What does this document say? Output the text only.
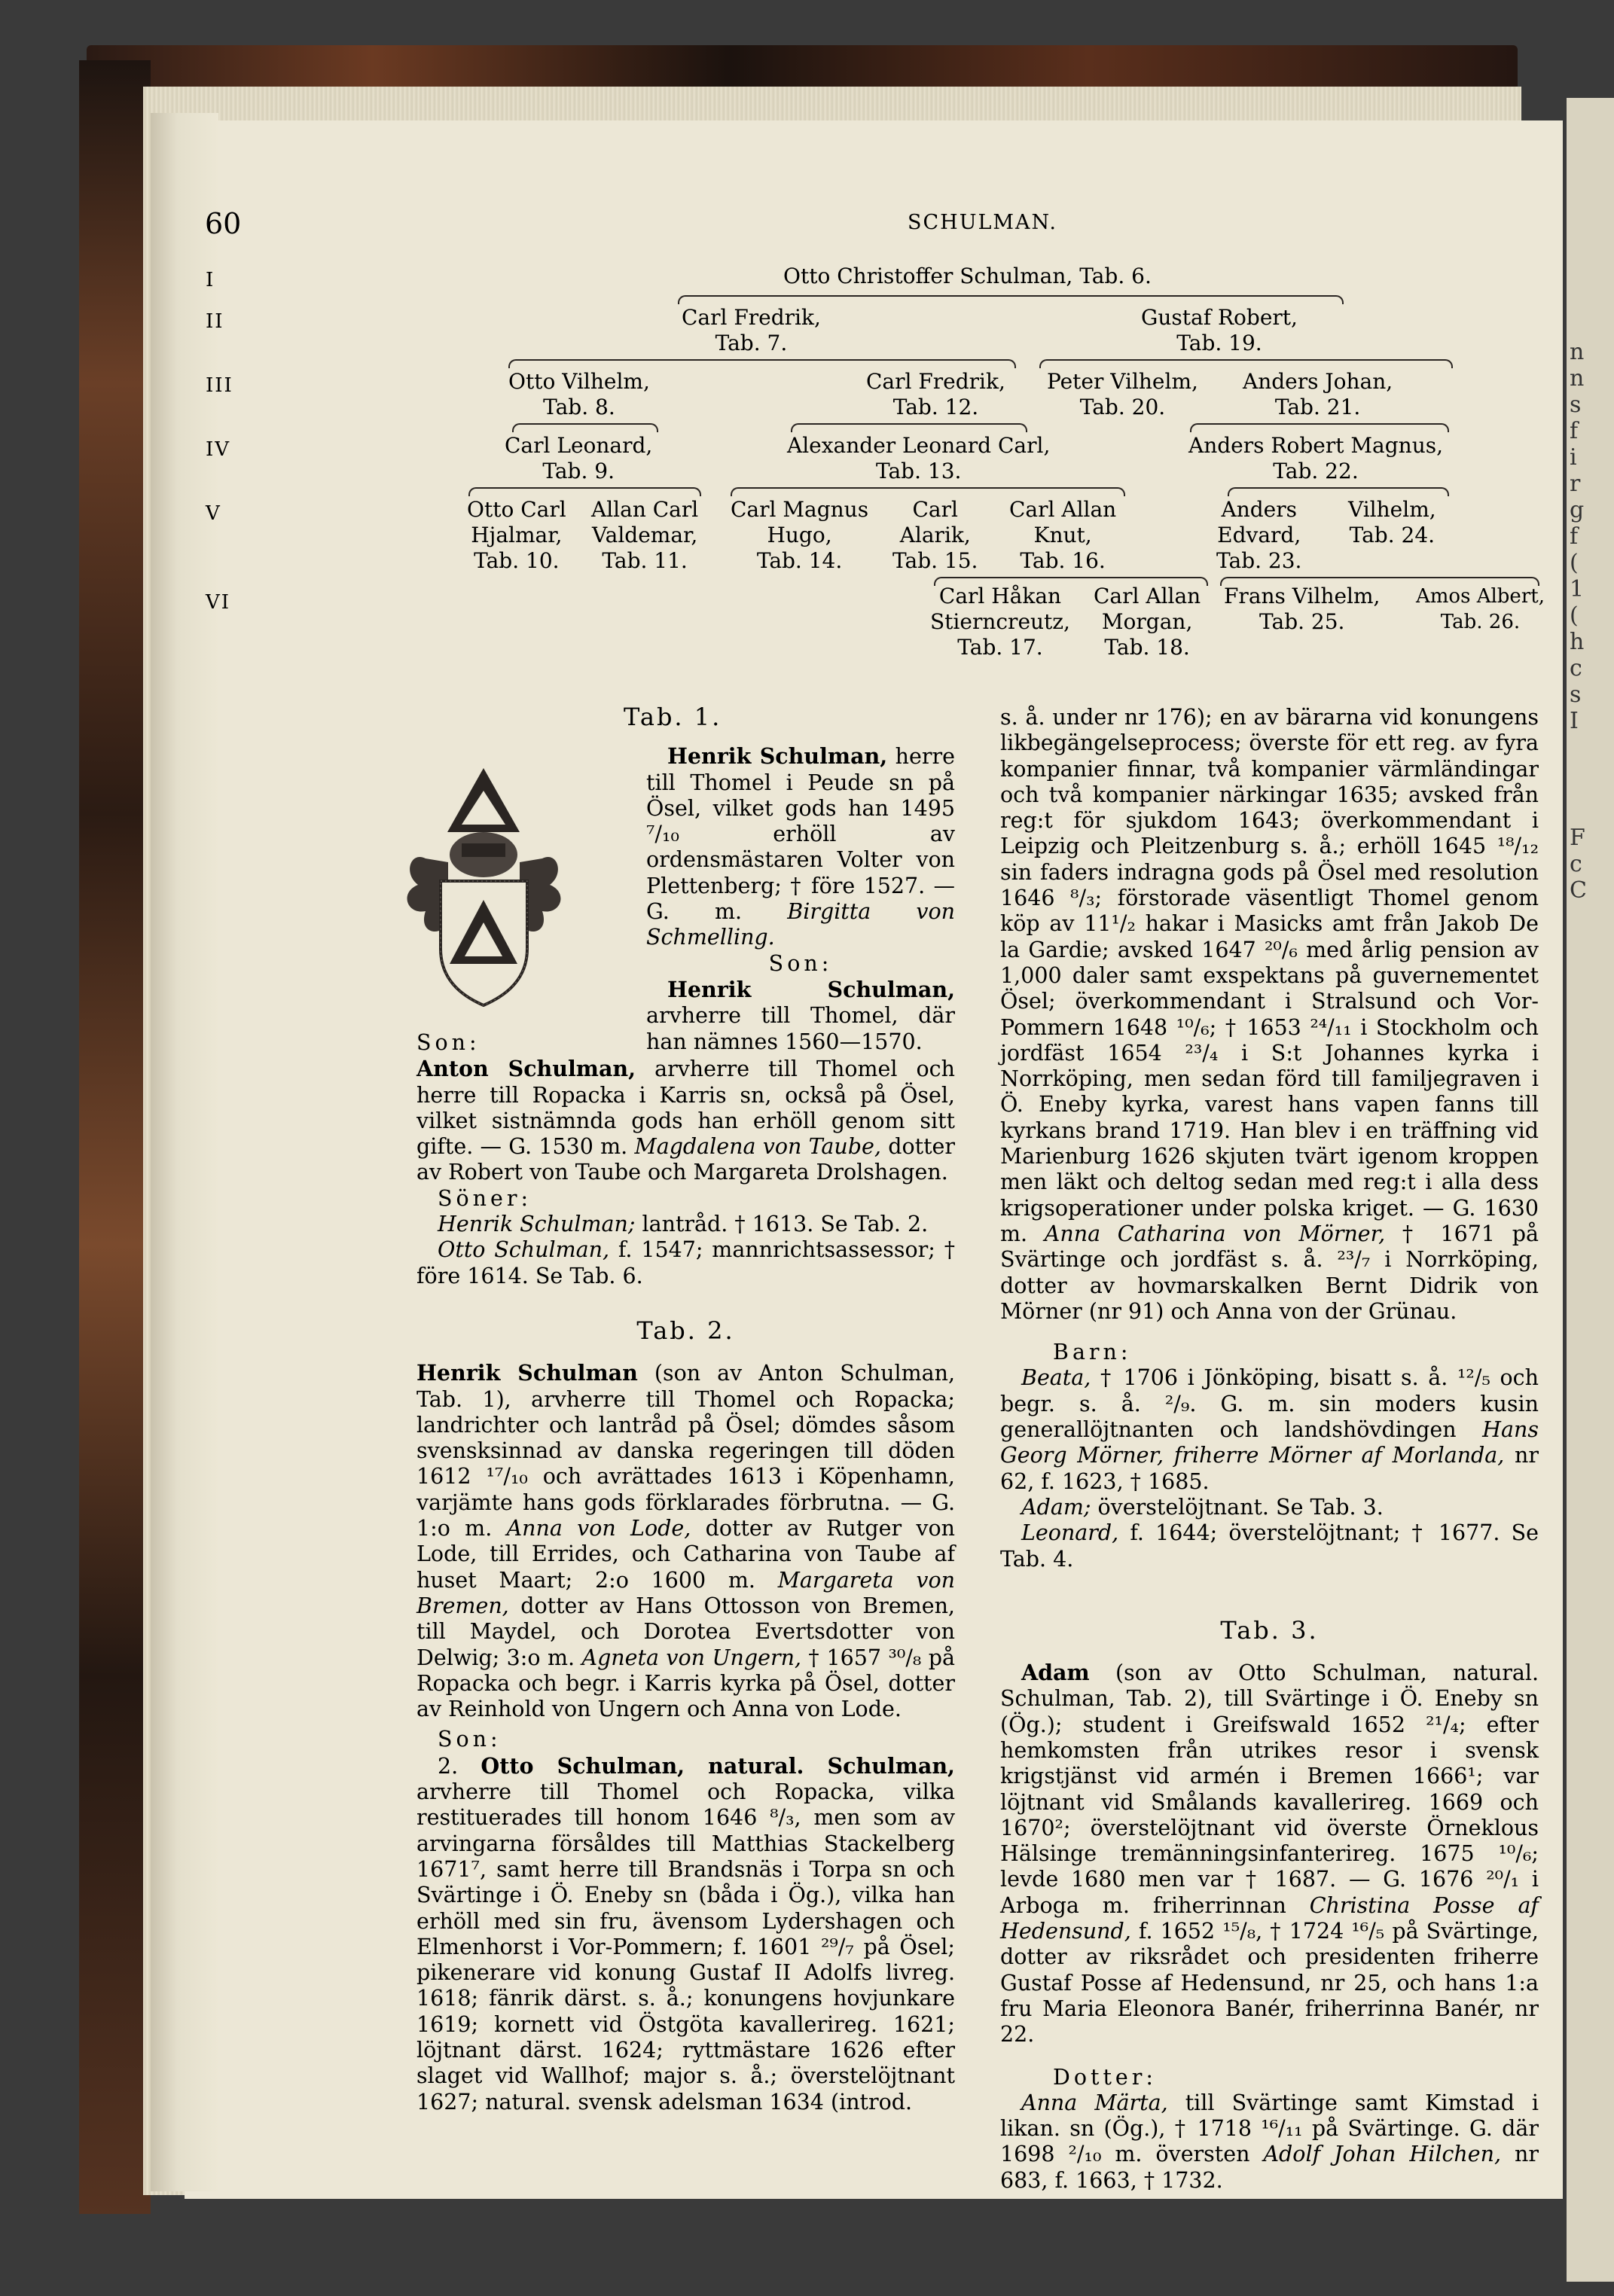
n
n
s
f
i
r
g
f
(
1
(
h
c
s
I
F
c
C
60	SCHULMAN.
I
II
III
IV
V
VI
Otto Christoffer Schulman, Tab. 6.
Carl Fredrik,
Tab. 7.
Gustaf Robert,
Tab. 19.
Otto Vilhelm,
Tab. 8.
Carl Fredrik,
Tab. 12.
Peter Vilhelm,
Tab. 20.
Anders Johan,
Tab. 21.
Carl Leonard,
Tab. 9.
Alexander Leonard Carl,
Tab. 13.
Anders Robert Magnus,
Tab. 22.
Otto Carl
Hjalmar,
Tab. 10.
Allan Carl
Valdemar,
Tab. 11.
Carl Magnus
Hugo,
Tab. 14.
Carl
Alarik,
Tab. 15.
Carl Allan
Knut,
Tab. 16.
Anders
Edvard,
Tab. 23.
Vilhelm,
Tab. 24.
Carl Håkan
Stierncreutz,
Tab. 17.
Carl Allan
Morgan,
Tab. 18.
Frans Vilhelm,
Tab. 25.
Amos Albert,
Tab. 26.

Tab. 1.

Henrik Schulman, herre till Thomel i Peude sn på Ösel, vilket gods han 1495 ⁷/₁₀ erhöll av ordensmästaren Volter von Plettenberg; † före 1527. — G. m. Birgitta von Schmelling.

Son:

Henrik Schulman, arvherre till Thomel, där han nämnes 1560—1570.

Son:

Anton Schulman, arvherre till Thomel och herre till Ropacka i Karris sn, också på Ösel, vilket sistnämnda gods han erhöll genom sitt gifte. — G. 1530 m. Magdalena von Taube, dotter av Robert von Taube och Margareta Drolshagen.

Söner:

Henrik Schulman; lantråd. † 1613. Se Tab. 2.

Otto Schulman, f. 1547; mannrichtsassessor; † före 1614. Se Tab. 6.

Tab. 2.

Henrik Schulman (son av Anton Schulman, Tab. 1), arvherre till Thomel och Ropacka; landrichter och lantråd på Ösel; dömdes såsom svensksinnad av danska regeringen till döden 1612 ¹⁷/₁₀ och avrättades 1613 i Köpenhamn, varjämte hans gods förklarades förbrutna. — G. 1:o m. Anna von Lode, dotter av Rutger von Lode, till Errides, och Catharina von Taube af huset Maart; 2:o 1600 m. Margareta von Bremen, dotter av Hans Ottosson von Bremen, till Maydel, och Dorotea Evertsdotter von Delwig; 3:o m. Agneta von Ungern, † 1657 ³⁰/₈ på Ropacka och begr. i Karris kyrka på Ösel, dotter av Reinhold von Ungern och Anna von Lode.

Son:

2. Otto Schulman, natural. Schulman, arvherre till Thomel och Ropacka, vilka restituerades till honom 1646 ⁸/₃, men som av arvingarna försåldes till Matthias Stackelberg 1671⁷, samt herre till Brandsnäs i Torpa sn och Svärtinge i Ö. Eneby sn (båda i Ög.), vilka han erhöll med sin fru, ävensom Lydershagen och Elmenhorst i Vor-Pommern; f. 1601 ²⁹/₇ på Ösel; pikenerare vid konung Gustaf II Adolfs livreg. 1618; fänrik därst. s. å.; konungens hovjunkare 1619; kornett vid Östgöta kavallerireg. 1621; löjtnant därst. 1624; ryttmästare 1626 efter slaget vid Wallhof; major s. å.; överstelöjtnant 1627; natural. svensk adelsman 1634 (introd.

s. å. under nr 176); en av bärarna vid konungens likbegängelseprocess; överste för ett reg. av fyra kompanier finnar, två kompanier värmländingar och två kompanier närkingar 1635; avsked från reg:t för sjukdom 1643; överkommendant i Leipzig och Pleitzenburg s. å.; erhöll 1645 ¹⁸/₁₂ sin faders indragna gods på Ösel med resolution 1646 ⁸/₃; förstorade väsentligt Thomel genom köp av 11¹/₂ hakar i Masicks amt från Jakob De la Gardie; avsked 1647 ²⁰/₆ med årlig pension av 1,000 daler samt exspektans på guvernementet Ösel; överkommendant i Stralsund och Vor-Pommern 1648 ¹⁰/₆; † 1653 ²⁴/₁₁ i Stockholm och jordfäst 1654 ²³/₄ i S:t Johannes kyrka i Norrköping, men sedan förd till familjegraven i Ö. Eneby kyrka, varest hans vapen fanns till kyrkans brand 1719. Han blev i en träffning vid Marienburg 1626 skjuten tvärt igenom kroppen men läkt och deltog sedan med reg:t i alla dess krigsoperationer under polska kriget. — G. 1630 m. Anna Catharina von Mörner, † 1671 på Svärtinge och jordfäst s. å. ²³/₇ i Norrköping, dotter av hovmarskalken Bernt Didrik von Mörner (nr 91) och Anna von der Grünau.

Barn:

Beata, † 1706 i Jönköping, bisatt s. å. ¹²/₅ och begr. s. å. ²/₉. G. m. sin moders kusin generallöjtnanten och landshövdingen Hans Georg Mörner, friherre Mörner af Morlanda, nr 62, f. 1623, † 1685.

Adam; överstelöjtnant. Se Tab. 3.

Leonard, f. 1644; överstelöjtnant; † 1677. Se Tab. 4.

Tab. 3.

Adam (son av Otto Schulman, natural. Schulman, Tab. 2), till Svärtinge i Ö. Eneby sn (Ög.); student i Greifswald 1652 ²¹/₄; efter hemkomsten från utrikes resor i svensk krigstjänst vid armén i Bremen 1666¹; var löjtnant vid Smålands kavallerireg. 1669 och 1670²; överstelöjtnant vid överste Örneklous Hälsinge tremänningsinfanterireg. 1675 ¹⁰/₆; levde 1680 men var † 1687. — G. 1676 ²⁰/₁ i Arboga m. friherrinnan Christina Posse af Hedensund, f. 1652 ¹⁵/₈, † 1724 ¹⁶/₅ på Svärtinge, dotter av riksrådet och presidenten friherre Gustaf Posse af Hedensund, nr 25, och hans 1:a fru Maria Eleonora Banér, friherrinna Banér, nr 22.

Dotter:

Anna Märta, till Svärtinge samt Kimstad i likan. sn (Ög.), † 1718 ¹⁶/₁₁ på Svärtinge. G. där 1698 ²/₁₀ m. översten Adolf Johan Hilchen, nr 683, f. 1663, † 1732.
